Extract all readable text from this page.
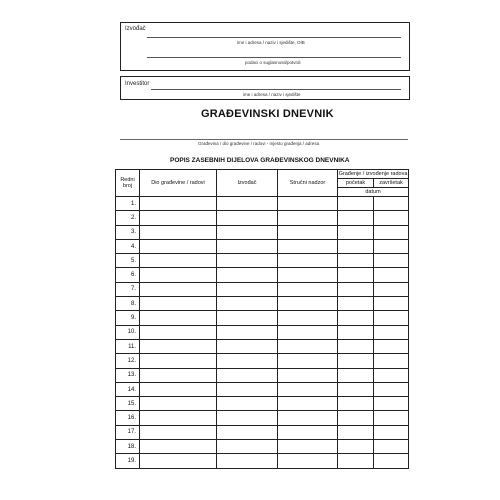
Izvođač
ime i adresa / naziv i sjedište, OIB
podaci o suglasnosti/potvrdi
Investitor
ime i adresa / naziv i sjedište
GRAĐEVINSKI DNEVNIK
Građevina / dio građevine / radovi - mjesto građenja / adresa
POPIS ZASEBNIH DIJELOVA GRAĐEVINSKOG DNEVNIKA
Redni broj	Dio građevine / radovi	Izvođač	Stručni nadzor	Građenje / izvođenje radova	
				početak	završetak
				datum	
1.					
2.					
3.					
4.					
5.					
6.					
7.					
8.					
9.					
10.					
11.					
12.					
13.					
14.					
15.					
16.					
17.					
18.					
19.					
